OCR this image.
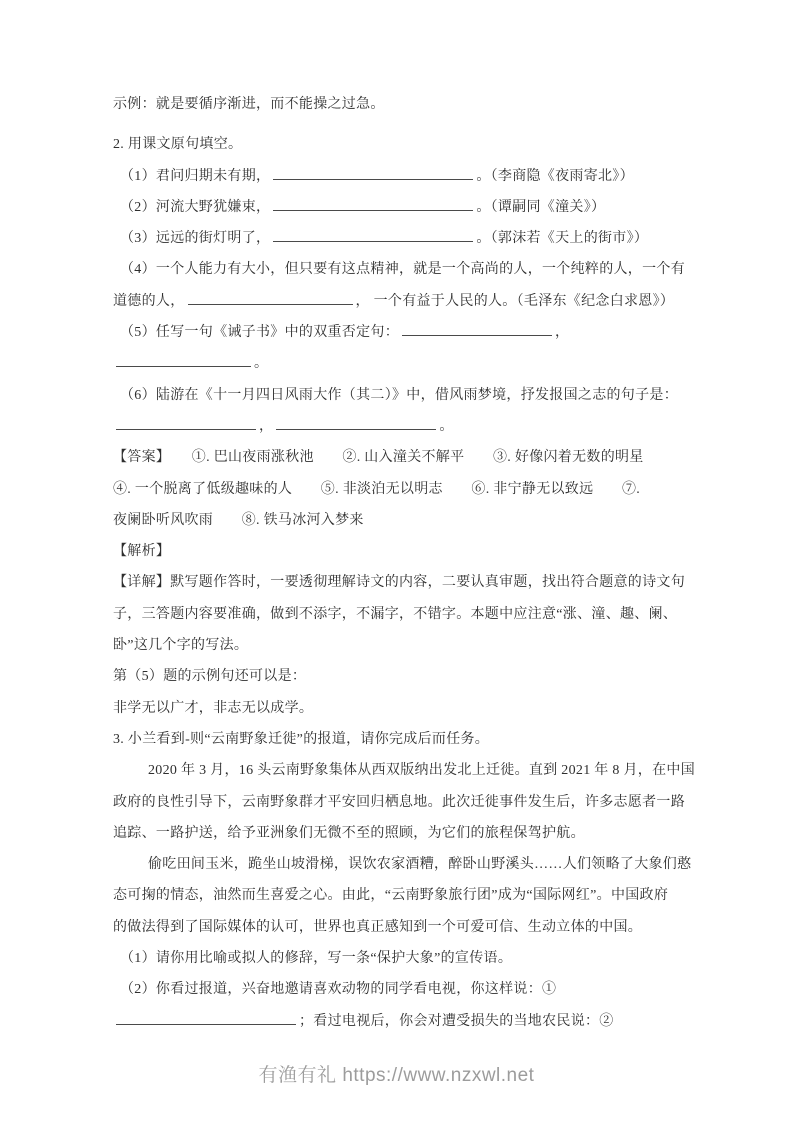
示例：就是要循序渐进，而不能操之过急。
2. 用课文原句填空。
（1）君问归期未有期，	。（李商隐《夜雨寄北》）
（2）河流大野犹嫌束，	。（谭嗣同《潼关》）
（3）远远的街灯明了，	。（郭沫若《天上的街市》）
（4）一个人能力有大小，但只要有这点精神，就是一个高尚的人，一个纯粹的人，一个有
道德的人，	， 一个有益于人民的人。（毛泽东《纪念白求恩》）
（5）任写一句《诫子书》中的双重否定句：	，
。
（6）陆游在《十一月四日风雨大作（其二）》中，借风雨梦境，抒发报国之志的句子是：
，	。
【答案】　　①. 巴山夜雨涨秋池　　②. 山入潼关不解平　　③. 好像闪着无数的明星
④. 一个脱离了低级趣味的人　　⑤. 非淡泊无以明志　　⑥. 非宁静无以致远　　⑦.
夜阑卧听风吹雨　　⑧. 铁马冰河入梦来
【解析】
【详解】默写题作答时，一要透彻理解诗文的内容，二要认真审题，找出符合题意的诗文句
子，三答题内容要准确，做到不添字，不漏字，不错字。本题中应注意“涨、潼、趣、阑、
卧”这几个字的写法。
第（5）题的示例句还可以是：
非学无以广才，非志无以成学。
3. 小兰看到-则“云南野象迁徙”的报道，请你完成后而任务。
2020 年 3 月，16 头云南野象集体从西双版纳出发北上迁徙。直到 2021 年 8 月，在中国
政府的良性引导下，云南野象群才平安回归栖息地。此次迁徙事件发生后，许多志愿者一路
追踪、一路护送，给予亚洲象们无微不至的照顾，为它们的旅程保驾护航。
偷吃田间玉米，跪坐山坡滑梯，误饮农家酒糟，醉卧山野溪头……人们领略了大象们憨
态可掬的情态，油然而生喜爱之心。由此，“云南野象旅行团”成为“国际网红”。中国政府
的做法得到了国际媒体的认可，世界也真正感知到一个可爱可信、生动立体的中国。
（1）请你用比喻或拟人的修辞，写一条“保护大象”的宣传语。
（2）你看过报道，兴奋地邀请喜欢动物的同学看电视，你这样说：①
；看过电视后，你会对遭受损失的当地农民说：②
有渔有礼 https://www.nzxwl.net
